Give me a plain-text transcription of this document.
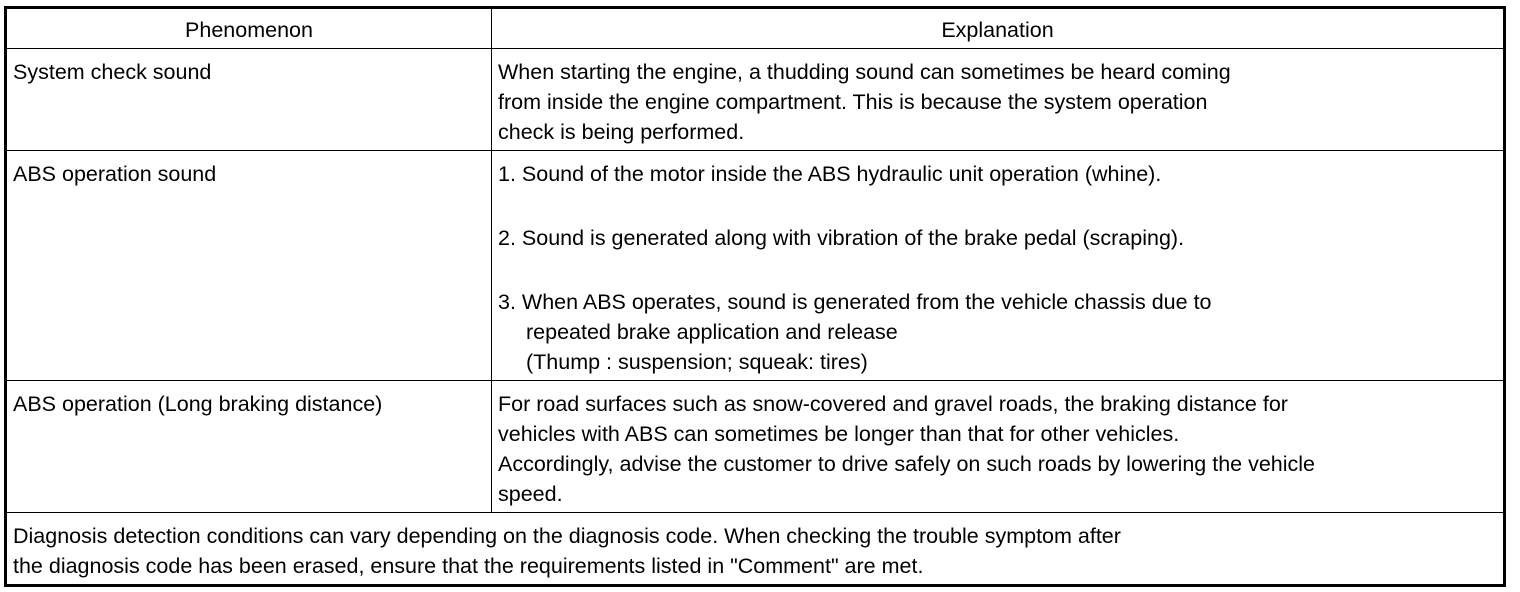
Phenomenon	Explanation
System check sound	When starting the engine, a thudding sound can sometimes be heard coming
from inside the engine compartment. This is because the system operation
check is being performed.

ABS operation sound	1. Sound of the motor inside the ABS hydraulic unit operation (whine).
2. Sound is generated along with vibration of the brake pedal (scraping).
3. When ABS operates, sound is generated from the vehicle chassis due to
repeated brake application and release
(Thump : suspension; squeak: tires)

ABS operation (Long braking distance)	For road surfaces such as snow-covered and gravel roads, the braking distance for
vehicles with ABS can sometimes be longer than that for other vehicles.
Accordingly, advise the customer to drive safely on such roads by lowering the vehicle
speed.

Diagnosis detection conditions can vary depending on the diagnosis code. When checking the trouble symptom after
the diagnosis code has been erased, ensure that the requirements listed in "Comment" are met.	
